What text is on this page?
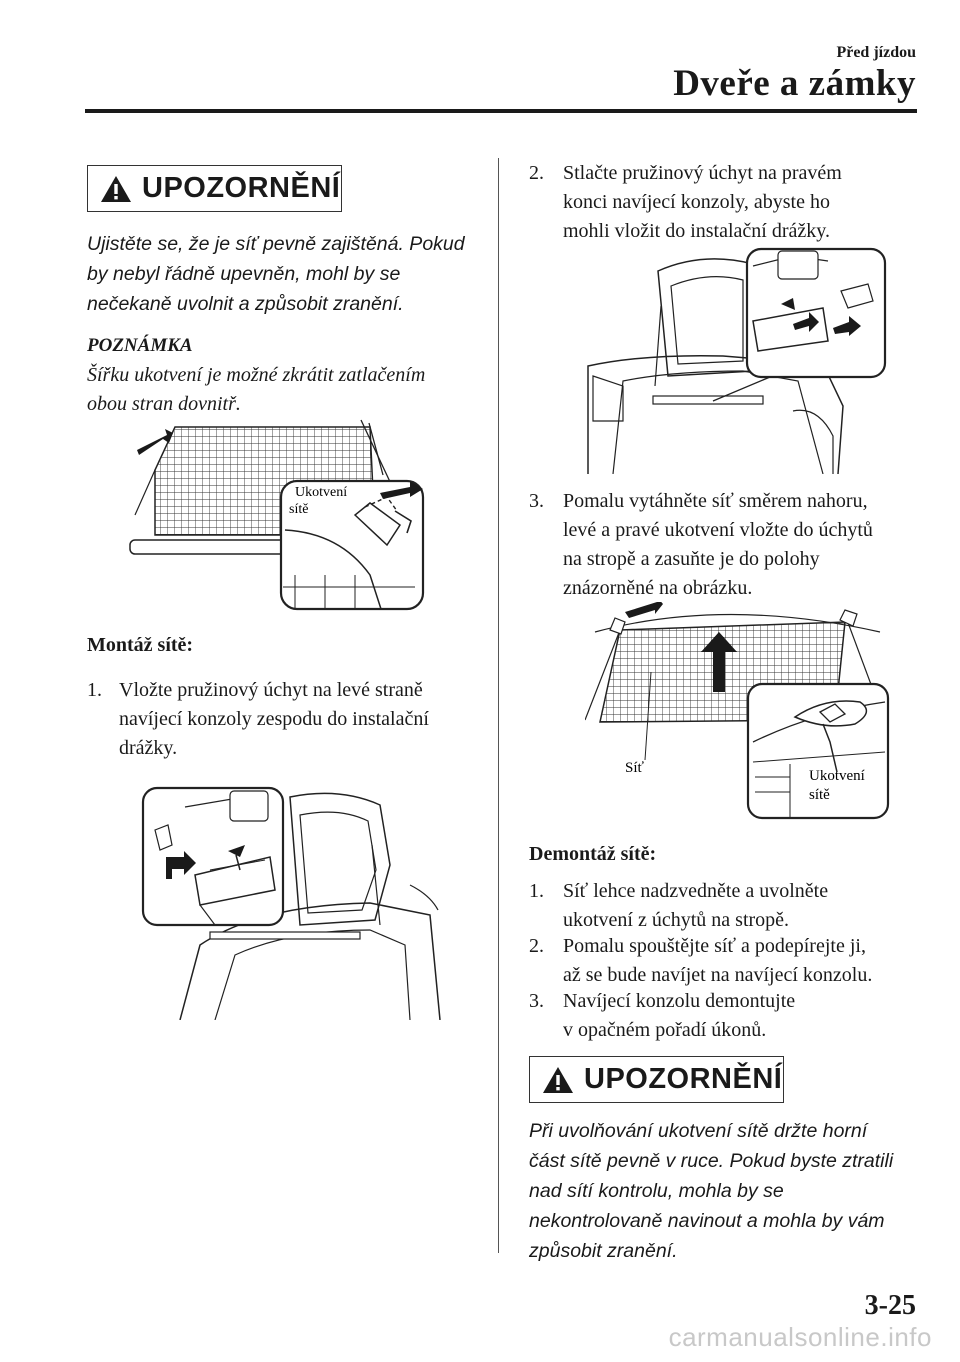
Před jízdou
Dveře a zámky
UPOZORNĚNÍ
Ujistěte se, že je síť pevně zajištěná. Pokud
by nebyl řádně upevněn, mohl by se
nečekaně uvolnit a způsobit zranění.
POZNÁMKA
Šířku ukotvení je možné zkrátit zatlačením
obou stran dovnitř.
Ukotvení
sítě
Montáž sítě:
1. Vložte pružinový úchyt na levé straně
navíjecí konzoly zespodu do instalační
drážky.
2. Stlačte pružinový úchyt na pravém
konci navíjecí konzoly, abyste ho
mohli vložit do instalační drážky.
3. Pomalu vytáhněte síť směrem nahoru,
levé a pravé ukotvení vložte do úchytů
na stropě a zasuňte je do polohy
znázorněné na obrázku.
Síť	Ukotvení
sítě
Demontáž sítě:
1. Síť lehce nadzvedněte a uvolněte
ukotvení z úchytů na stropě.
2. Pomalu spouštějte síť a podepírejte ji,
až se bude navíjet na navíjecí konzolu.
3. Navíjecí konzolu demontujte
v opačném pořadí úkonů.
UPOZORNĚNÍ
Při uvolňování ukotvení sítě držte horní
část sítě pevně v ruce. Pokud byste ztratili
nad sítí kontrolu, mohla by se
nekontrolovaně navinout a mohla by vám
způsobit zranění.
3-25
carmanualsonline.info
